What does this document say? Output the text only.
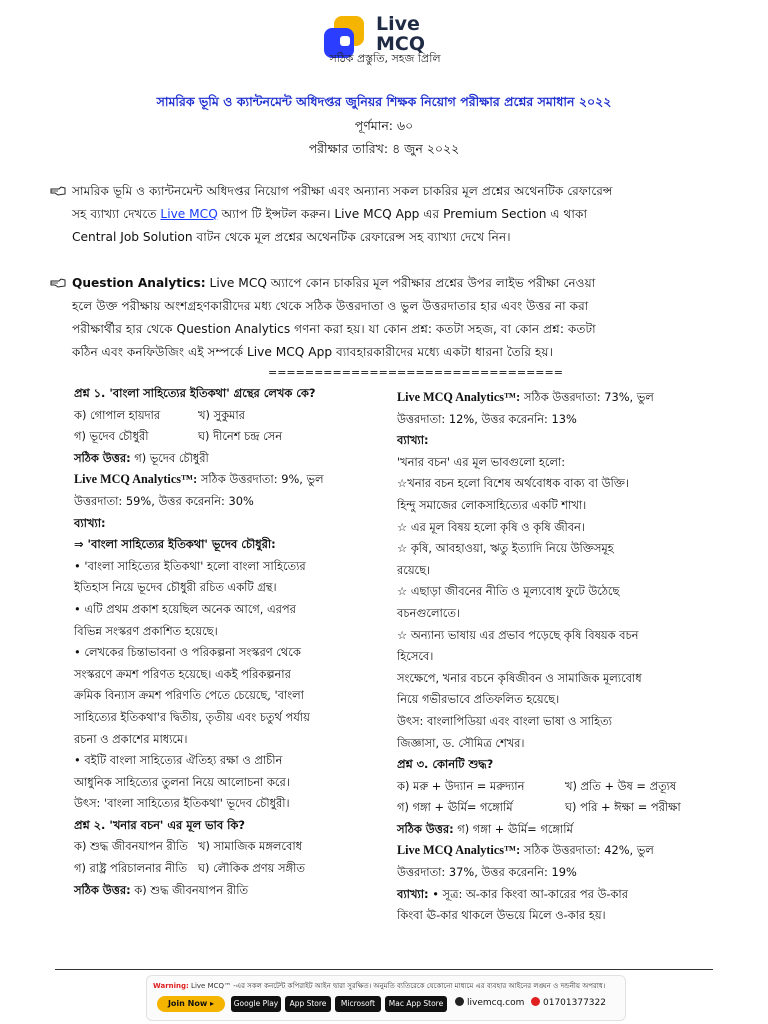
Live
MCQ
সঠিক প্রস্তুতি, সহজ প্রিলি
সামরিক ভূমি ও ক্যান্টনমেন্ট অধিদপ্তর জুনিয়র শিক্ষক নিয়োগ পরীক্ষার প্রশ্নের সমাধান ২০২২
পূর্ণমান: ৬০
পরীক্ষার তারিখ: ৪ জুন ২০২২
সামরিক ভূমি ও ক্যান্টনমেন্ট অধিদপ্তর নিয়োগ পরীক্ষা এবং অন্যান্য সকল চাকরির মূল প্রশ্নের অথেনটিক রেফারেন্স
সহ ব্যাখ্যা দেখতে Live MCQ অ্যাপ টি ইন্সটল করুন। Live MCQ App এর Premium Section এ থাকা
Central Job Solution বাটন থেকে মূল প্রশ্নের অথেনটিক রেফারেন্স সহ ব্যাখ্যা দেখে নিন।
Question Analytics: Live MCQ অ্যাপে কোন চাকরির মূল পরীক্ষার প্রশ্নের উপর লাইভ পরীক্ষা নেওয়া
হলে উক্ত পরীক্ষায় অংশগ্রহণকারীদের মধ্য থেকে সঠিক উত্তরদাতা ও ভুল উত্তরদাতার হার এবং উত্তর না করা
পরীক্ষার্থীর হার থেকে Question Analytics গণনা করা হয়। যা কোন প্রশ্ন: কতটা সহজ, বা কোন প্রশ্ন: কতটা
কঠিন এবং কনফিউজিং এই সম্পর্কে Live MCQ App ব্যাবহারকারীদের মধ্যে একটা ধারনা তৈরি হয়।
================================
প্রশ্ন ১. 'বাংলা সাহিত্যের ইতিকথা' গ্রন্থের লেখক কে?
ক) গোপাল হায়দার	খ) সুকুমার
গ) ভূদেব চৌধুরী	ঘ) দীনেশ চন্দ্র সেন
সঠিক উত্তর: গ) ভূদেব চৌধুরী
Live MCQ Analytics™: সঠিক উত্তরদাতা: 9%, ভুল
উত্তরদাতা: 59%, উত্তর করেননি: 30%
ব্যাখ্যা:
⇒ 'বাংলা সাহিত্যের ইতিকথা' ভূদেব চৌধুরী:
• 'বাংলা সাহিত্যের ইতিকথা' হলো বাংলা সাহিত্যের
ইতিহাস নিয়ে ভূদেব চৌধুরী রচিত একটি গ্রন্থ।
• এটি প্রথম প্রকাশ হয়েছিল অনেক আগে, এরপর
বিভিন্ন সংস্করণ প্রকাশিত হয়েছে।
• লেখকের চিন্তাভাবনা ও পরিকল্পনা সংস্করণ থেকে
সংস্করণে ক্রমশ পরিণত হয়েছে। একই পরিকল্পনার
ক্রমিক বিন্যাস ক্রমশ পরিণতি পেতে চেয়েছে, 'বাংলা
সাহিত্যের ইতিকথা'র দ্বিতীয়, তৃতীয় এবং চতুর্থ পর্যায়
রচনা ও প্রকাশের মাধ্যমে।
• বইটি বাংলা সাহিত্যের ঐতিহ্য রক্ষা ও প্রাচীন
আধুনিক সাহিত্যের তুলনা নিয়ে আলোচনা করে।
উৎস: 'বাংলা সাহিত্যের ইতিকথা' ভূদেব চৌধুরী।
প্রশ্ন ২. 'খনার বচন' এর মূল ভাব কি?
ক) শুদ্ধ জীবনযাপন রীতি খ) সামাজিক মঙ্গলবোধ
গ) রাষ্ট্র পরিচালনার নীতি ঘ) লৌকিক প্রণয় সঙ্গীত
সঠিক উত্তর: ক) শুদ্ধ জীবনযাপন রীতি
Live MCQ Analytics™: সঠিক উত্তরদাতা: 73%, ভুল
উত্তরদাতা: 12%, উত্তর করেননি: 13%
ব্যাখ্যা:
'খনার বচন' এর মূল ভাবগুলো হলো:
☆খনার বচন হলো বিশেষ অর্থবোধক বাক্য বা উক্তি।
হিন্দু সমাজের লোকসাহিত্যের একটি শাখা।
☆ এর মূল বিষয় হলো কৃষি ও কৃষি জীবন।
☆ কৃষি, আবহাওয়া, ঋতু ইত্যাদি নিয়ে উক্তিসমূহ
রয়েছে।
☆ এছাড়া জীবনের নীতি ও মূল্যবোধ ফুটে উঠেছে
বচনগুলোতে।
☆ অন্যান্য ভাষায় এর প্রভাব পড়েছে কৃষি বিষয়ক বচন
হিসেবে।
সংক্ষেপে, খনার বচনে কৃষিজীবন ও সামাজিক মূল্যবোধ
নিয়ে গভীরভাবে প্রতিফলিত হয়েছে।
উৎস: বাংলাপিডিয়া এবং বাংলা ভাষা ও সাহিত্য
জিজ্ঞাসা, ড. সৌমিত্র শেখর।
প্রশ্ন ৩. কোনটি শুদ্ধ?
ক) মরু + উদ্যান = মরুদ্যান	খ) প্রতি + উষ = প্রত্যূষ
গ) গঙ্গা + ঊর্মি= গঙ্গোর্মি	ঘ) পরি + ঈক্ষা = পরীক্ষা
সঠিক উত্তর: গ) গঙ্গা + ঊর্মি= গঙ্গোর্মি
Live MCQ Analytics™: সঠিক উত্তরদাতা: 42%, ভুল
উত্তরদাতা: 37%, উত্তর করেননি: 19%
ব্যাখ্যা: • সূত্র: অ-কার কিংবা আ-কারের পর উ-কার
কিংবা ঊ-কার থাকলে উভয়ে মিলে ও-কার হয়।
Warning: Live MCQ™ -এর সকল কনটেন্ট কপিরাইট আইন দ্বারা সুরক্ষিত। অনুমতি ব্যতিরেকে যেকোনো মাধ্যমে এর ব্যবহার আইনের লঙ্ঘন ও দন্ডনীয় অপরাধ।
Join Now ▸	Google Play	App Store	Microsoft	Mac App Store	livemcq.com	01701377322
